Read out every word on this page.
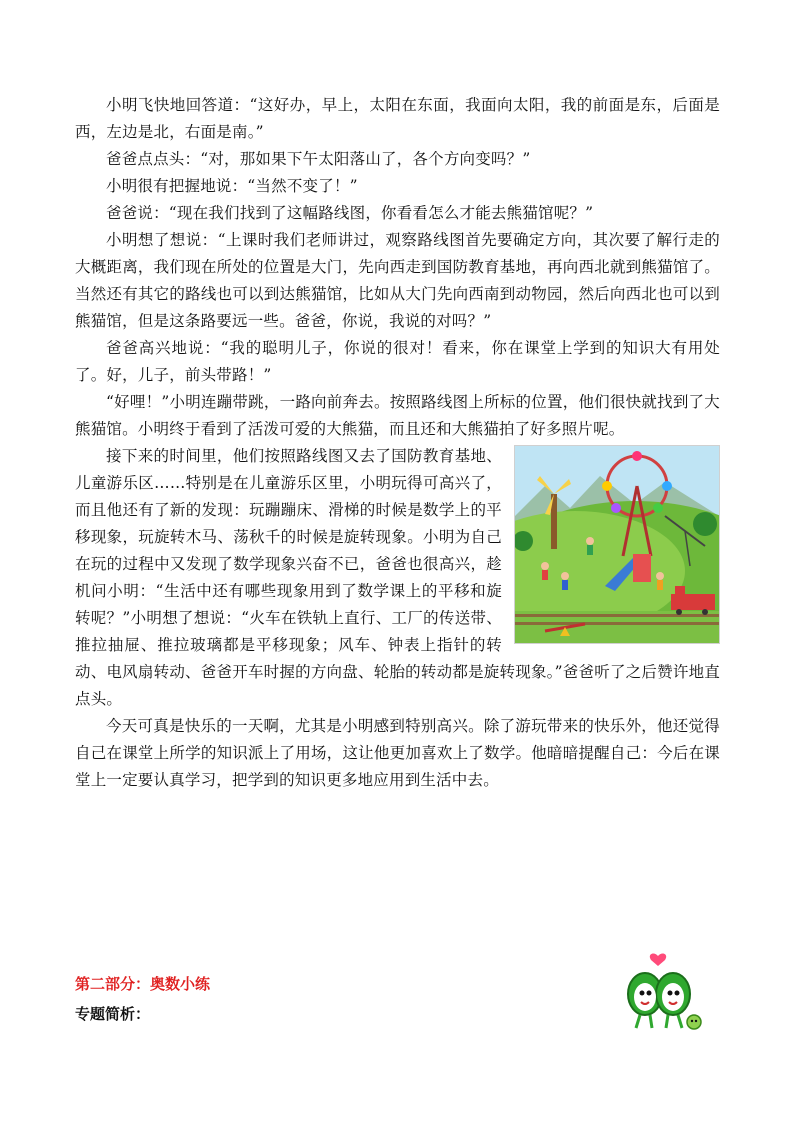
小明飞快地回答道：“这好办，早上，太阳在东面，我面向太阳，我的前面是东，后面是西，左边是北，右面是南。”

爸爸点点头：“对，那如果下午太阳落山了，各个方向变吗？”

小明很有把握地说：“当然不变了！”

爸爸说：“现在我们找到了这幅路线图，你看看怎么才能去熊猫馆呢？”

小明想了想说：“上课时我们老师讲过，观察路线图首先要确定方向，其次要了解行走的大概距离，我们现在所处的位置是大门，先向西走到国防教育基地，再向西北就到熊猫馆了。当然还有其它的路线也可以到达熊猫馆，比如从大门先向西南到动物园，然后向西北也可以到熊猫馆，但是这条路要远一些。爸爸，你说，我说的对吗？”

爸爸高兴地说：“我的聪明儿子，你说的很对！看来，你在课堂上学到的知识大有用处了。好，儿子，前头带路！”

“好哩！”小明连蹦带跳，一路向前奔去。按照路线图上所标的位置，他们很快就找到了大熊猫馆。小明终于看到了活泼可爱的大熊猫，而且还和大熊猫拍了好多照片呢。

接下来的时间里，他们按照路线图又去了国防教育基地、儿童游乐区……特别是在儿童游乐区里，小明玩得可高兴了，而且他还有了新的发现：玩蹦蹦床、滑梯的时候是数学上的平移现象，玩旋转木马、荡秋千的时候是旋转现象。小明为自己在玩的过程中又发现了数学现象兴奋不已，爸爸也很高兴，趁机问小明：“生活中还有哪些现象用到了数学课上的平移和旋转呢？”小明想了想说：“火车在铁轨上直行、工厂的传送带、推拉抽屉、推拉玻璃都是平移现象；风车、钟表上指针的转动、电风扇转动、爸爸开车时握的方向盘、轮胎的转动都是旋转现象。”爸爸听了之后赞许地直点头。

今天可真是快乐的一天啊，尤其是小明感到特别高兴。除了游玩带来的快乐外，他还觉得自己在课堂上所学的知识派上了用场，这让他更加喜欢上了数学。他暗暗提醒自己：今后在课堂上一定要认真学习，把学到的知识更多地应用到生活中去。

第二部分：奥数小练
专题简析：
